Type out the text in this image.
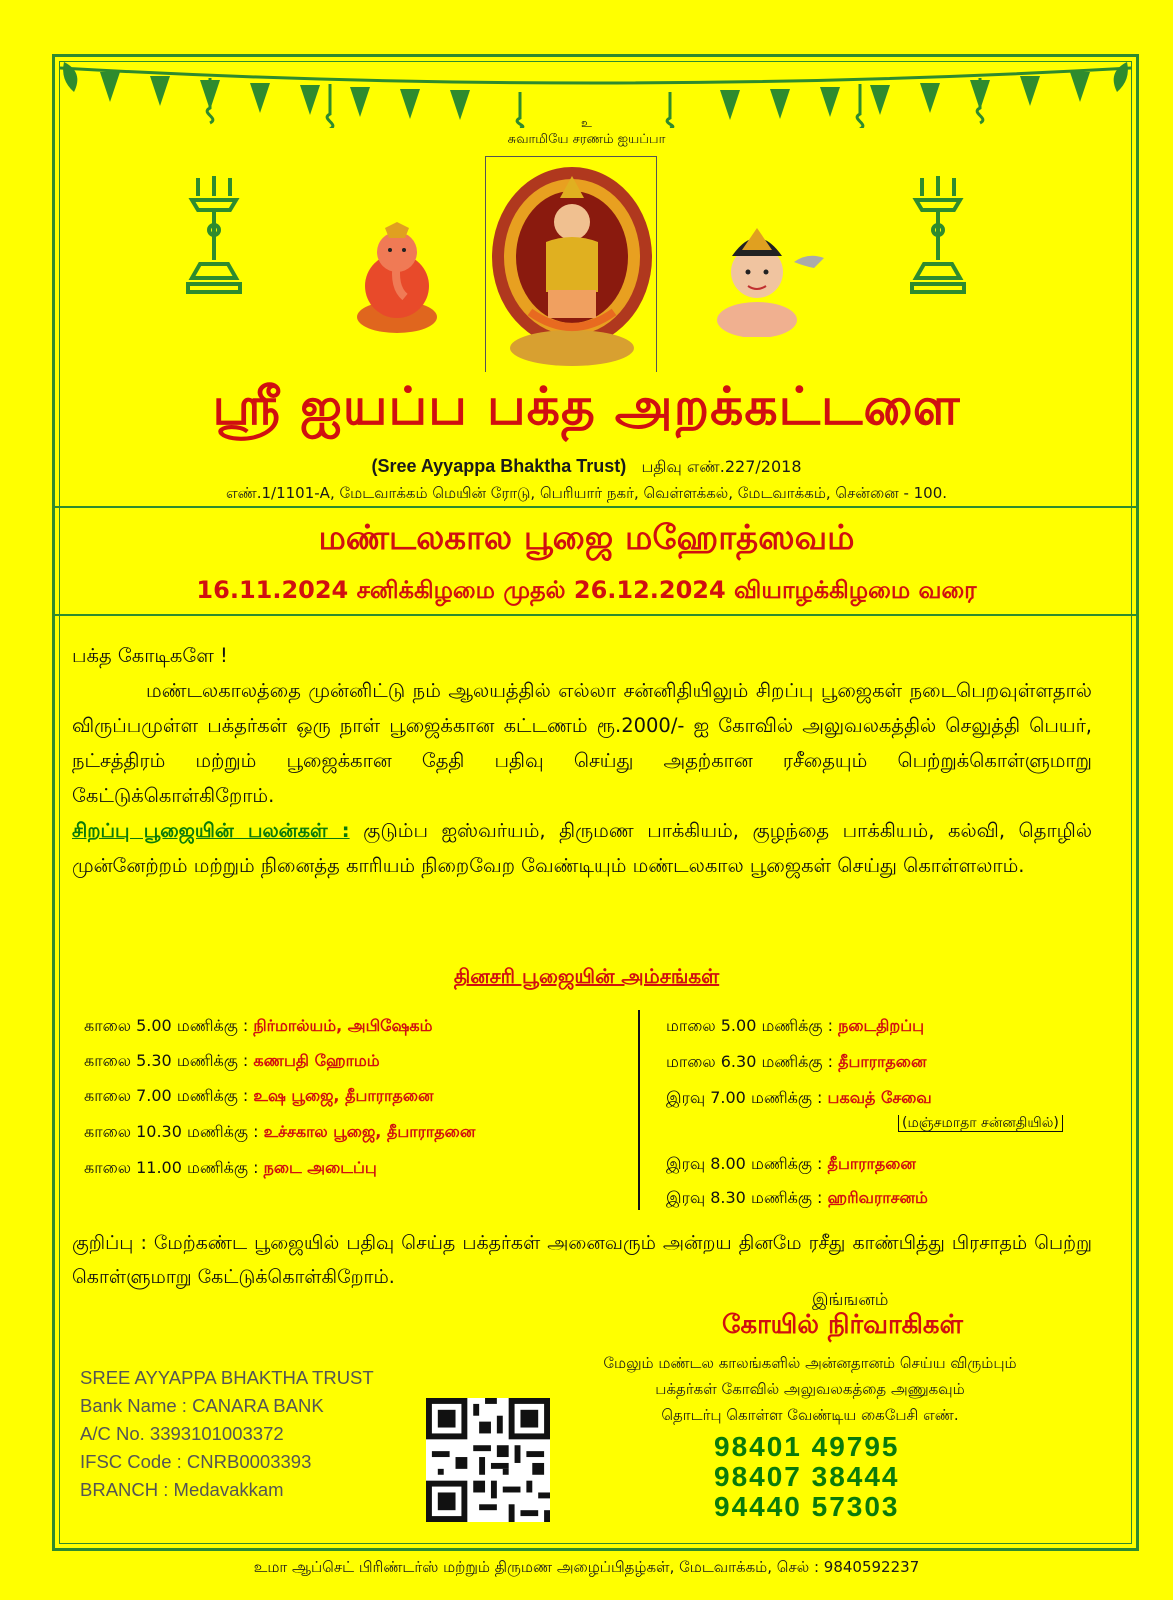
உ
சுவாமியே சரணம் ஐயப்பா
ஸ்ரீ ஐயப்ப பக்த அறக்கட்டளை
(Sree Ayyappa Bhaktha Trust) பதிவு எண்.227/2018
எண்.1/1101-A, மேடவாக்கம் மெயின் ரோடு, பெரியார் நகர், வெள்ளக்கல், மேடவாக்கம், சென்னை - 100.
மண்டலகால பூஜை மஹோத்ஸவம்
16.11.2024 சனிக்கிழமை முதல் 26.12.2024 வியாழக்கிழமை வரை
பக்த கோடிகளே !
மண்டலகாலத்தை முன்னிட்டு நம் ஆலயத்தில் எல்லா சன்னிதியிலும் சிறப்பு பூஜைகள் நடைபெறவுள்ளதால் விருப்பமுள்ள பக்தர்கள் ஒரு நாள் பூஜைக்கான கட்டணம் ரூ.2000/- ஐ கோவில் அலுவலகத்தில் செலுத்தி பெயர், நட்சத்திரம் மற்றும் பூஜைக்கான தேதி பதிவு செய்து அதற்கான ரசீதையும் பெற்றுக்கொள்ளுமாறு கேட்டுக்கொள்கிறோம்.
சிறப்பு பூஜையின் பலன்கள் : குடும்ப ஐஸ்வர்யம், திருமண பாக்கியம், குழந்தை பாக்கியம், கல்வி, தொழில் முன்னேற்றம் மற்றும் நினைத்த காரியம் நிறைவேற வேண்டியும் மண்டலகால பூஜைகள் செய்து கொள்ளலாம்.
தினசரி பூஜையின் அம்சங்கள்
காலை 5.00 மணிக்கு : நிர்மால்யம், அபிஷேகம்
காலை 5.30 மணிக்கு : கணபதி ஹோமம்
காலை 7.00 மணிக்கு : உஷ பூஜை, தீபாராதனை
காலை 10.30 மணிக்கு : உச்சகால பூஜை, தீபாராதனை
காலை 11.00 மணிக்கு : நடை அடைப்பு
மாலை 5.00 மணிக்கு : நடைதிறப்பு
மாலை 6.30 மணிக்கு : தீபாராதனை
இரவு 7.00 மணிக்கு : பகவத் சேவை
(மஞ்சமாதா சன்னதியில்)
இரவு 8.00 மணிக்கு : தீபாராதனை
இரவு 8.30 மணிக்கு : ஹரிவராசனம்
குறிப்பு : மேற்கண்ட பூஜையில் பதிவு செய்த பக்தர்கள் அனைவரும் அன்றய தினமே ரசீது காண்பித்து பிரசாதம் பெற்று கொள்ளுமாறு கேட்டுக்கொள்கிறோம்.
இங்ஙனம்
கோயில் நிர்வாகிகள்
SREE AYYAPPA BHAKTHA TRUST
Bank Name : CANARA BANK
A/C No. 3393101003372
IFSC Code : CNRB0003393
BRANCH : Medavakkam
மேலும் மண்டல காலங்களில் அன்னதானம் செய்ய விரும்பும்
பக்தர்கள் கோவில் அலுவலகத்தை அணுகவும்
தொடர்பு கொள்ள வேண்டிய கைபேசி எண்.
98401 49795
98407 38444
94440 57303
உமா ஆப்செட் பிரிண்டர்ஸ் மற்றும் திருமண அழைப்பிதழ்கள், மேடவாக்கம், செல் : 9840592237
